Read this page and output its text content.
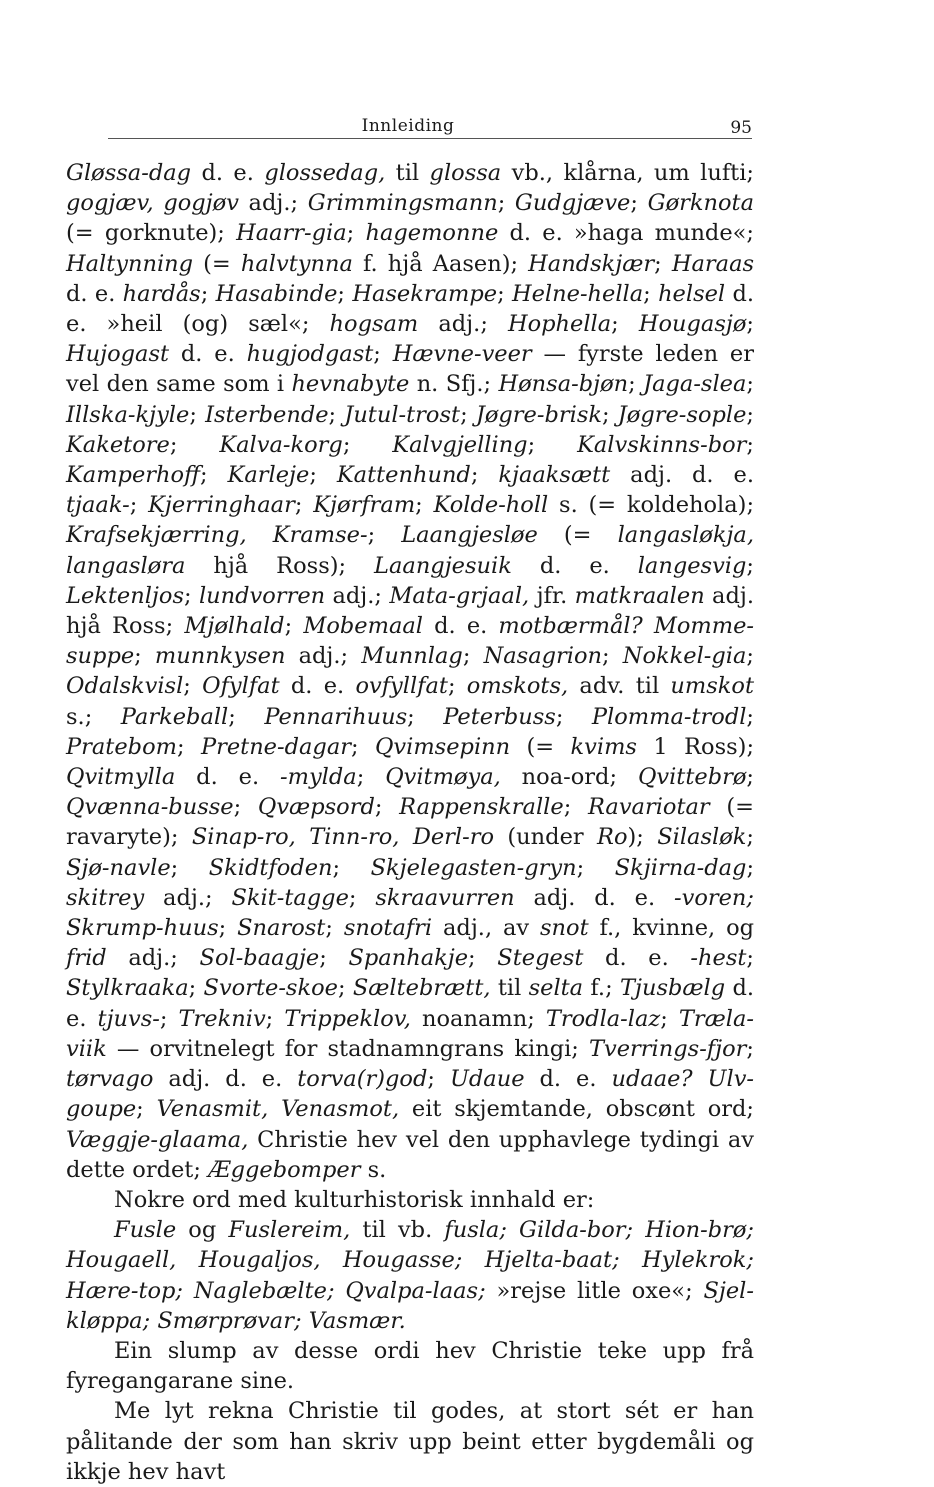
Innleiding	95

Gløssa-dag d. e. glossedag, til glossa vb., klårna, um lufti; gogjæv, gogjøv adj.; Grimmingsmann; Gudgjæve; Gørknota (= gorknute); Haarr-gia; hagemonne d. e. »haga munde«; Haltynning (= halvtynna f. hjå Aasen); Handskjær; Haraas d. e. hardås; Hasabinde; Hasekrampe; Helne-hella; helsel d. e. »heil (og) sæl«; hogsam adj.; Hophella; Hougasjø; Hujogast d. e. hugjodgast; Hævne-veer — fyrste leden er vel den same som i hevnabyte n. Sfj.; Hønsa-bjøn; Jaga-slea; Illska-kjyle; Isterbende; Jutul-trost; Jøgre-brisk; Jøgre-sople; Kaketore; Kalva-korg; Kalvgjelling; Kalvskinns-bor; Kamperhoff; Karleje; Kattenhund; kjaaksætt adj. d. e. tjaak-; Kjerringhaar; Kjørfram; Kolde-holl s. (= koldehola); Krafsekjærring, Kramse-; Laangjesløe (= langasløkja, langasløra hjå Ross); Laangjesuik d. e. langesvig; Lektenljos; lundvorren adj.; Mata-grjaal, jfr. matkraalen adj. hjå Ross; Mjølhald; Mobemaal d. e. motbærmål? Momme-suppe; munnkysen adj.; Munnlag; Nasagrion; Nokkel-gia; Odalskvisl; Ofylfat d. e. ovfyllfat; omskots, adv. til umskot s.; Parkeball; Pennarihuus; Peterbuss; Plomma-trodl; Pratebom; Pretne-dagar; Qvimsepinn (= kvims 1 Ross); Qvitmylla d. e. -mylda; Qvitmøya, noa-ord; Qvittebrø; Qvænna-busse; Qvæpsord; Rappenskralle; Ravariotar (= ravaryte); Sinap-ro, Tinn-ro, Derl-ro (under Ro); Silasløk; Sjø-navle; Skidtfoden; Skjelegasten-gryn; Skjirna-dag; skitrey adj.; Skit-tagge; skraavurren adj. d. e. -voren; Skrump-huus; Snarost; snotafri adj., av snot f., kvinne, og frid adj.; Sol-baagje; Spanhakje; Stegest d. e. -hest; Stylkraaka; Svorte-skoe; Sæltebrætt, til selta f.; Tjusbælg d. e. tjuvs-; Trekniv; Trippeklov, noanamn; Trodla-laz; Træla-viik — orvitnelegt for stadnamngrans kingi; Tverrings-fjor; tørvago adj. d. e. torva(r)god; Udaue d. e. udaae? Ulv-goupe; Venasmit, Venasmot, eit skjemtande, obscønt ord; Væggje-glaama, Christie hev vel den upphavlege tydingi av dette ordet; Æggebomper s.

Nokre ord med kulturhistorisk innhald er:

Fusle og Fuslereim, til vb. fusla; Gilda-bor; Hion-brø; Hougaell, Hougaljos, Hougasse; Hjelta-baat; Hylekrok; Hære-top; Naglebælte; Qvalpa-laas; »rejse litle oxe«; Sjel-kløppa; Smørprøvar; Vasmær.

Ein slump av desse ordi hev Christie teke upp frå fyregangarane sine.

Me lyt rekna Christie til godes, at stort sét er han pålitande der som han skriv upp beint etter bygdemåli og ikkje hev havt
